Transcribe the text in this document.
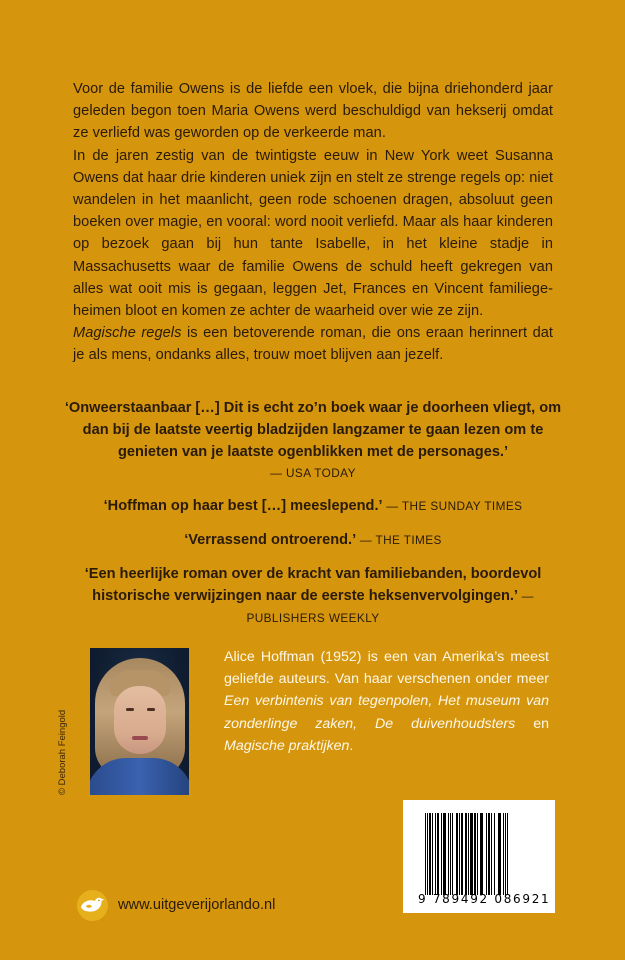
Voor de familie Owens is de liefde een vloek, die bijna driehonderd jaar geleden begon toen Maria Owens werd beschuldigd van hekserij omdat ze verliefd was geworden op de verkeerde man.

In de jaren zestig van de twintigste eeuw in New York weet Susanna Owens dat haar drie kinderen uniek zijn en stelt ze strenge regels op: niet wandelen in het maanlicht, geen rode schoenen dragen, absoluut geen boeken over magie, en vooral: word nooit verliefd. Maar als haar kinderen op bezoek gaan bij hun tante Isabelle, in het kleine stadje in Massachusetts waar de familie Owens de schuld heeft gekregen van alles wat ooit mis is gegaan, leggen Jet, Frances en Vincent familiegeheimen bloot en komen ze achter de waarheid over wie ze zijn.

Magische regels is een betoverende roman, die ons eraan herinnert dat je als mens, ondanks alles, trouw moet blijven aan jezelf.

‘Onweerstaanbaar […] Dit is echt zo’n boek waar je doorheen vliegt, om dan bij de laatste veertig bladzijden langzamer te gaan lezen om te genieten van je laatste ogenblikken met de personages.’
— USA TODAY

‘Hoffman op haar best […] meeslepend.’ — THE SUNDAY TIMES

‘Verrassend ontroerend.’ — THE TIMES

‘Een heerlijke roman over de kracht van familiebanden, boordevol historische verwijzingen naar de eerste heksenvervolgingen.’ — PUBLISHERS WEEKLY

© Deborah Feingold

Alice Hoffman (1952) is een van Amerika’s meest geliefde auteurs. Van haar verschenen onder meer Een verbintenis van tegenpolen, Het museum van zonderlinge zaken, De duivenhoudsters en Magische praktijken.

9 789492 086921
www.uitgeverijorlando.nl
